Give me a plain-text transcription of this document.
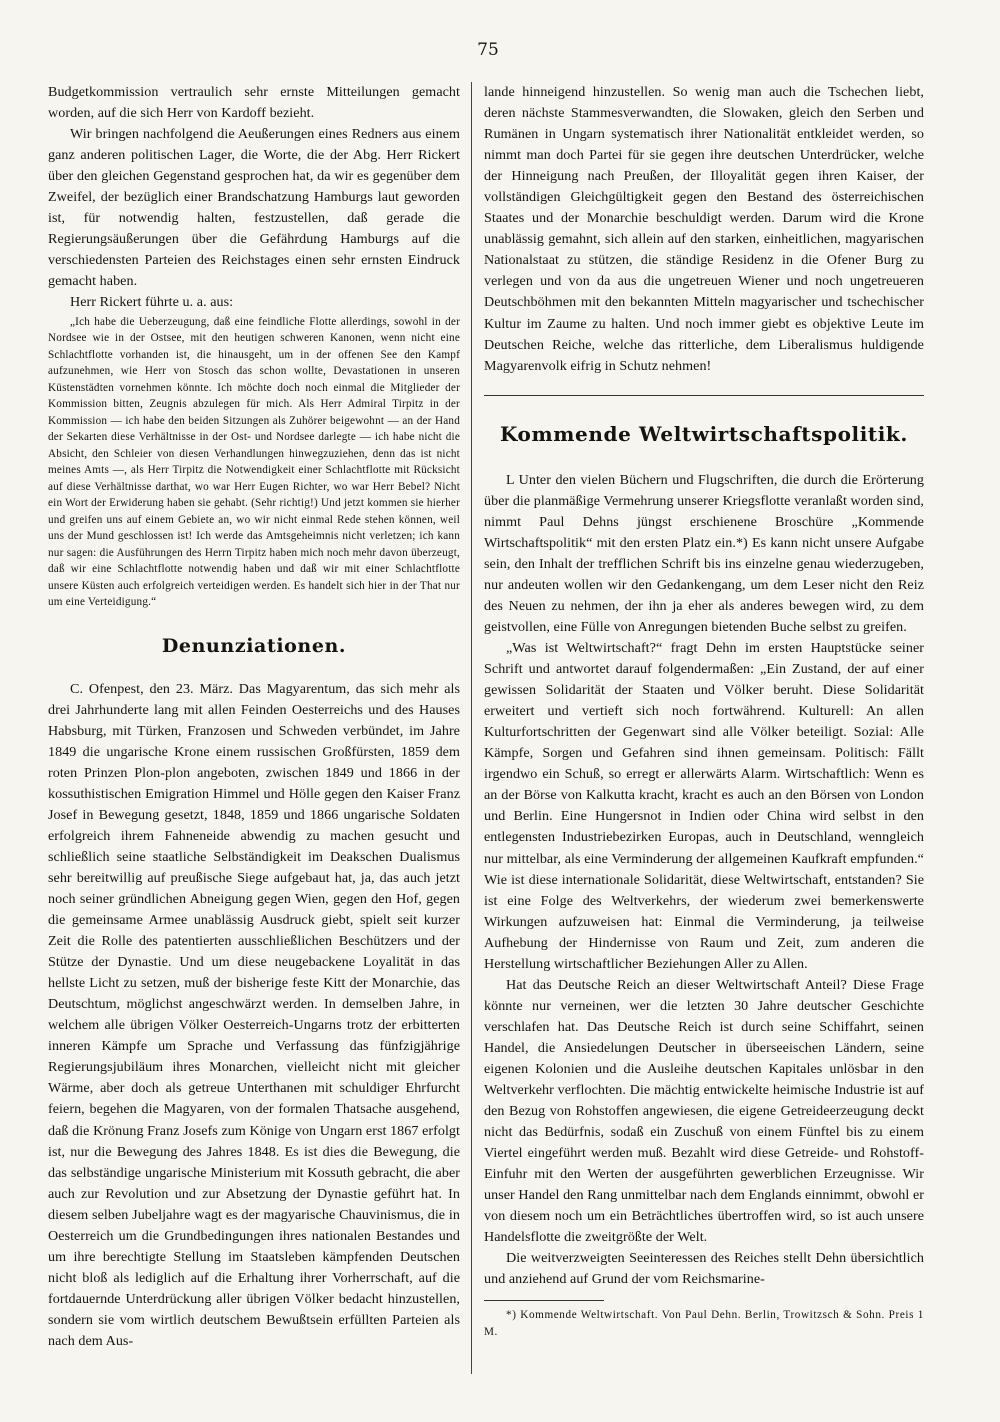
75

Budgetkommission vertraulich sehr ernste Mitteilungen gemacht worden, auf die sich Herr von Kardoff bezieht.

Wir bringen nachfolgend die Aeußerungen eines Redners aus einem ganz anderen politischen Lager, die Worte, die der Abg. Herr Rickert über den gleichen Gegenstand gesprochen hat, da wir es gegenüber dem Zweifel, der bezüglich einer Brandschatzung Hamburgs laut geworden ist, für notwendig halten, festzustellen, daß gerade die Regierungsäußerungen über die Gefährdung Hamburgs auf die verschiedensten Parteien des Reichstages einen sehr ernsten Eindruck gemacht haben.

Herr Rickert führte u. a. aus:

„Ich habe die Ueberzeugung, daß eine feindliche Flotte allerdings, sowohl in der Nordsee wie in der Ostsee, mit den heutigen schweren Kanonen, wenn nicht eine Schlachtflotte vorhanden ist, die hinausgeht, um in der offenen See den Kampf aufzunehmen, wie Herr von Stosch das schon wollte, Devastationen in unseren Küstenstädten vornehmen könnte. Ich möchte doch noch einmal die Mitglieder der Kommission bitten, Zeugnis abzulegen für mich. Als Herr Admiral Tirpitz in der Kommission — ich habe den beiden Sitzungen als Zuhörer beigewohnt — an der Hand der Sekarten diese Verhältnisse in der Ost- und Nordsee darlegte — ich habe nicht die Absicht, den Schleier von diesen Verhandlungen hinwegzuziehen, denn das ist nicht meines Amts —, als Herr Tirpitz die Notwendigkeit einer Schlachtflotte mit Rücksicht auf diese Verhältnisse darthat, wo war Herr Eugen Richter, wo war Herr Bebel? Nicht ein Wort der Erwiderung haben sie gehabt. (Sehr richtig!) Und jetzt kommen sie hierher und greifen uns auf einem Gebiete an, wo wir nicht einmal Rede stehen können, weil uns der Mund geschlossen ist! Ich werde das Amtsgeheimnis nicht verletzen; ich kann nur sagen: die Ausführungen des Herrn Tirpitz haben mich noch mehr davon überzeugt, daß wir eine Schlachtflotte notwendig haben und daß wir mit einer Schlachtflotte unsere Küsten auch erfolgreich verteidigen werden. Es handelt sich hier in der That nur um eine Verteidigung.“

Denunziationen.

C. Ofenpest, den 23. März. Das Magyarentum, das sich mehr als drei Jahrhunderte lang mit allen Feinden Oesterreichs und des Hauses Habsburg, mit Türken, Franzosen und Schweden verbündet, im Jahre 1849 die ungarische Krone einem russischen Großfürsten, 1859 dem roten Prinzen Plon-plon angeboten, zwischen 1849 und 1866 in der kossuthistischen Emigration Himmel und Hölle gegen den Kaiser Franz Josef in Bewegung gesetzt, 1848, 1859 und 1866 ungarische Soldaten erfolgreich ihrem Fahneneide abwendig zu machen gesucht und schließlich seine staatliche Selbständigkeit im Deakschen Dualismus sehr bereitwillig auf preußische Siege aufgebaut hat, ja, das auch jetzt noch seiner gründlichen Abneigung gegen Wien, gegen den Hof, gegen die gemeinsame Armee unablässig Ausdruck giebt, spielt seit kurzer Zeit die Rolle des patentierten ausschließlichen Beschützers und der Stütze der Dynastie. Und um diese neugebackene Loyalität in das hellste Licht zu setzen, muß der bisherige feste Kitt der Monarchie, das Deutschtum, möglichst angeschwärzt werden. In demselben Jahre, in welchem alle übrigen Völker Oesterreich-Ungarns trotz der erbitterten inneren Kämpfe um Sprache und Verfassung das fünfzigjährige Regierungsjubiläum ihres Monarchen, vielleicht nicht mit gleicher Wärme, aber doch als getreue Unterthanen mit schuldiger Ehrfurcht feiern, begehen die Magyaren, von der formalen Thatsache ausgehend, daß die Krönung Franz Josefs zum Könige von Ungarn erst 1867 erfolgt ist, nur die Bewegung des Jahres 1848. Es ist dies die Bewegung, die das selbständige ungarische Ministerium mit Kossuth gebracht, die aber auch zur Revolution und zur Absetzung der Dynastie geführt hat. In diesem selben Jubeljahre wagt es der magyarische Chauvinismus, die in Oesterreich um die Grundbedingungen ihres nationalen Bestandes und um ihre berechtigte Stellung im Staatsleben kämpfenden Deutschen nicht bloß als lediglich auf die Erhaltung ihrer Vorherrschaft, auf die fortdauernde Unterdrückung aller übrigen Völker bedacht hinzustellen, sondern sie vom wirtlich deutschem Bewußtsein erfüllten Parteien als nach dem Aus-

lande hinneigend hinzustellen. So wenig man auch die Tschechen liebt, deren nächste Stammesverwandten, die Slowaken, gleich den Serben und Rumänen in Ungarn systematisch ihrer Nationalität entkleidet werden, so nimmt man doch Partei für sie gegen ihre deutschen Unterdrücker, welche der Hinneigung nach Preußen, der Illoyalität gegen ihren Kaiser, der vollständigen Gleichgültigkeit gegen den Bestand des österreichischen Staates und der Monarchie beschuldigt werden. Darum wird die Krone unablässig gemahnt, sich allein auf den starken, einheitlichen, magyarischen Nationalstaat zu stützen, die ständige Residenz in die Ofener Burg zu verlegen und von da aus die ungetreuen Wiener und noch ungetreueren Deutschböhmen mit den bekannten Mitteln magyarischer und tschechischer Kultur im Zaume zu halten. Und noch immer giebt es objektive Leute im Deutschen Reiche, welche das ritterliche, dem Liberalismus huldigende Magyarenvolk eifrig in Schutz nehmen!

Kommende Weltwirtschaftspolitik.

L Unter den vielen Büchern und Flugschriften, die durch die Erörterung über die planmäßige Vermehrung unserer Kriegsflotte veranlaßt worden sind, nimmt Paul Dehns jüngst erschienene Broschüre „Kommende Wirtschaftspolitik“ mit den ersten Platz ein.*) Es kann nicht unsere Aufgabe sein, den Inhalt der trefflichen Schrift bis ins einzelne genau wiederzugeben, nur andeuten wollen wir den Gedankengang, um dem Leser nicht den Reiz des Neuen zu nehmen, der ihn ja eher als anderes bewegen wird, zu dem geistvollen, eine Fülle von Anregungen bietenden Buche selbst zu greifen.

„Was ist Weltwirtschaft?“ fragt Dehn im ersten Hauptstücke seiner Schrift und antwortet darauf folgendermaßen: „Ein Zustand, der auf einer gewissen Solidarität der Staaten und Völker beruht. Diese Solidarität erweitert und vertieft sich noch fortwährend. Kulturell: An allen Kulturfortschritten der Gegenwart sind alle Völker beteiligt. Sozial: Alle Kämpfe, Sorgen und Gefahren sind ihnen gemeinsam. Politisch: Fällt irgendwo ein Schuß, so erregt er allerwärts Alarm. Wirtschaftlich: Wenn es an der Börse von Kalkutta kracht, kracht es auch an den Börsen von London und Berlin. Eine Hungersnot in Indien oder China wird selbst in den entlegensten Industriebezirken Europas, auch in Deutschland, wenngleich nur mittelbar, als eine Verminderung der allgemeinen Kaufkraft empfunden.“ Wie ist diese internationale Solidarität, diese Weltwirtschaft, entstanden? Sie ist eine Folge des Weltverkehrs, der wiederum zwei bemerkenswerte Wirkungen aufzuweisen hat: Einmal die Verminderung, ja teilweise Aufhebung der Hindernisse von Raum und Zeit, zum anderen die Herstellung wirtschaftlicher Beziehungen Aller zu Allen.

Hat das Deutsche Reich an dieser Weltwirtschaft Anteil? Diese Frage könnte nur verneinen, wer die letzten 30 Jahre deutscher Geschichte verschlafen hat. Das Deutsche Reich ist durch seine Schiffahrt, seinen Handel, die Ansiedelungen Deutscher in überseeischen Ländern, seine eigenen Kolonien und die Ausleihe deutschen Kapitales unlösbar in den Weltverkehr verflochten. Die mächtig entwickelte heimische Industrie ist auf den Bezug von Rohstoffen angewiesen, die eigene Getreideerzeugung deckt nicht das Bedürfnis, sodaß ein Zuschuß von einem Fünftel bis zu einem Viertel eingeführt werden muß. Bezahlt wird diese Getreide- und Rohstoff-Einfuhr mit den Werten der ausgeführten gewerblichen Erzeugnisse. Wir unser Handel den Rang unmittelbar nach dem Englands einnimmt, obwohl er von diesem noch um ein Beträchtliches übertroffen wird, so ist auch unsere Handelsflotte die zweitgrößte der Welt.

Die weitverzweigten Seeinteressen des Reiches stellt Dehn übersichtlich und anziehend auf Grund der vom Reichsmarine-

*) Kommende Weltwirtschaft. Von Paul Dehn. Berlin, Trowitzsch & Sohn. Preis 1 M.
